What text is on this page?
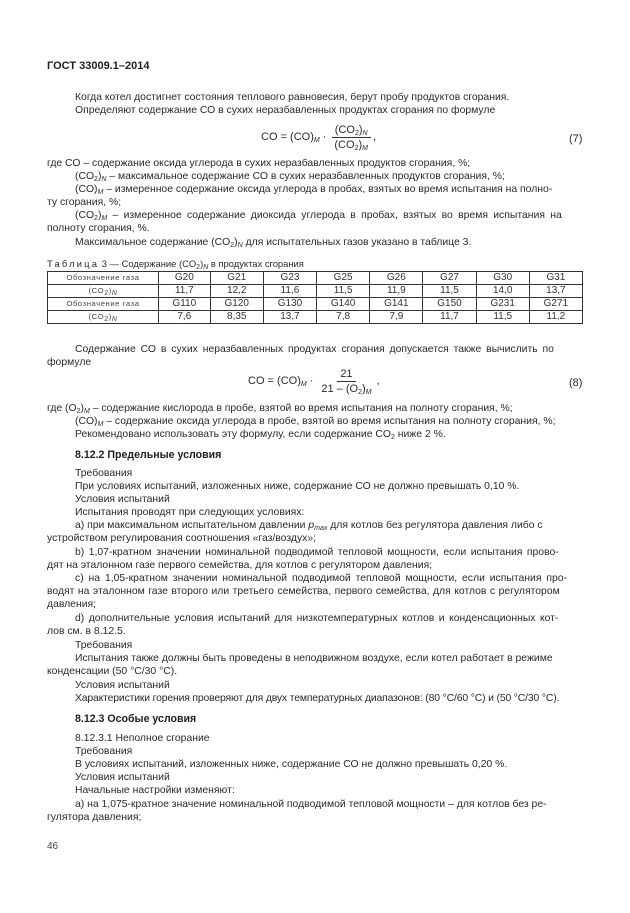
ГОСТ 33009.1–2014
Когда котел достигнет состояния теплового равновесия, берут пробу продуктов сгорания.
Определяют содержание СО в сухих неразбавленных продуктах сгорания по формуле
CO = $(CO)_M \cdot \frac{(CO_2)_N}{(CO_2)_M}$ ,	(7)
где СО – содержание оксида углерода в сухих неразбавленных продуктов сгорания, %;
$(CO_2)_N$ – максимальное содержание СО в сухих неразбавленных продуктов сгорания, %;
$(CO)_M$ – измеренное содержание оксида углерода в пробах, взятых во время испытания на полно-
ту сгорания, %;
$(CO_2)_M$ – измеренное содержание диоксида углерода в пробах, взятых во время испытания на
полноту сгорания, %.
Максимальное содержание $(CO_2)_N$ для испытательных газов указано в таблице 3.
Таблица 3 — Содержание $(CO_2)_N$ в продуктах сгорания
Обозначение газа	G20	G21	G23	G25	G26	G27	G30	G31
$(CO_2)_N$	11,7	12,2	11,6	11,5	11,9	11,5	14,0	13,7
Обозначение газа	G110	G120	G130	G140	G141	G150	G231	G271
$(CO_2)_N$	7,6	8,35	13,7	7,8	7,9	11,7	11,5	11,2
Содержание СО в сухих неразбавленных продуктах сгорания допускается также вычислить по
формуле
CO = $(CO)_M \cdot \frac{21}{21 - (O_2)_M}$ ,	(8)
где $(O_2)_M$ – содержание кислорода в пробе, взятой во время испытания на полноту сгорания, %;
$(CO)_M$ – содержание оксида углерода в пробе, взятой во время испытания на полноту сгорания, %;
Рекомендовано использовать эту формулу, если содержание $CO_2$ ниже 2 %.
8.12.2 Предельные условия
Требования
При условиях испытаний, изложенных ниже, содержание СО не должно превышать 0,10 %.
Условия испытаний
Испытания проводят при следующих условиях:
a) при максимальном испытательном давлении $p_{max}$ для котлов без регулятора давления либо с
устройством регулирования соотношения «газ/воздух»;
b) 1,07-кратном значении номинальной подводимой тепловой мощности, если испытания прово-
дят на эталонном газе первого семейства, для котлов с регулятором давления;
c) на 1,05-кратном значении номинальной подводимой тепловой мощности, если испытания про-
водят на эталонном газе второго или третьего семейства, первого семейства, для котлов с регулятором
давления;
d) дополнительные условия испытаний для низкотемпературных котлов и конденсационных кот-
лов см. в 8.12.5.
Требования
Испытания также должны быть проведены в неподвижном воздухе, если котел работает в режиме
конденсации (50 °C/30 °C).
Условия испытаний
Характеристики горения проверяют для двух температурных диапазонов: (80 °C/60 °C) и (50 °C/30 °C).
8.12.3 Особые условия
8.12.3.1 Неполное сгорание
Требования
В условиях испытаний, изложенных ниже, содержание СО не должно превышать 0,20 %.
Условия испытаний
Начальные настройки изменяют:
a) на 1,075-кратное значение номинальной подводимой тепловой мощности – для котлов без ре-
гулятора давления;
46
